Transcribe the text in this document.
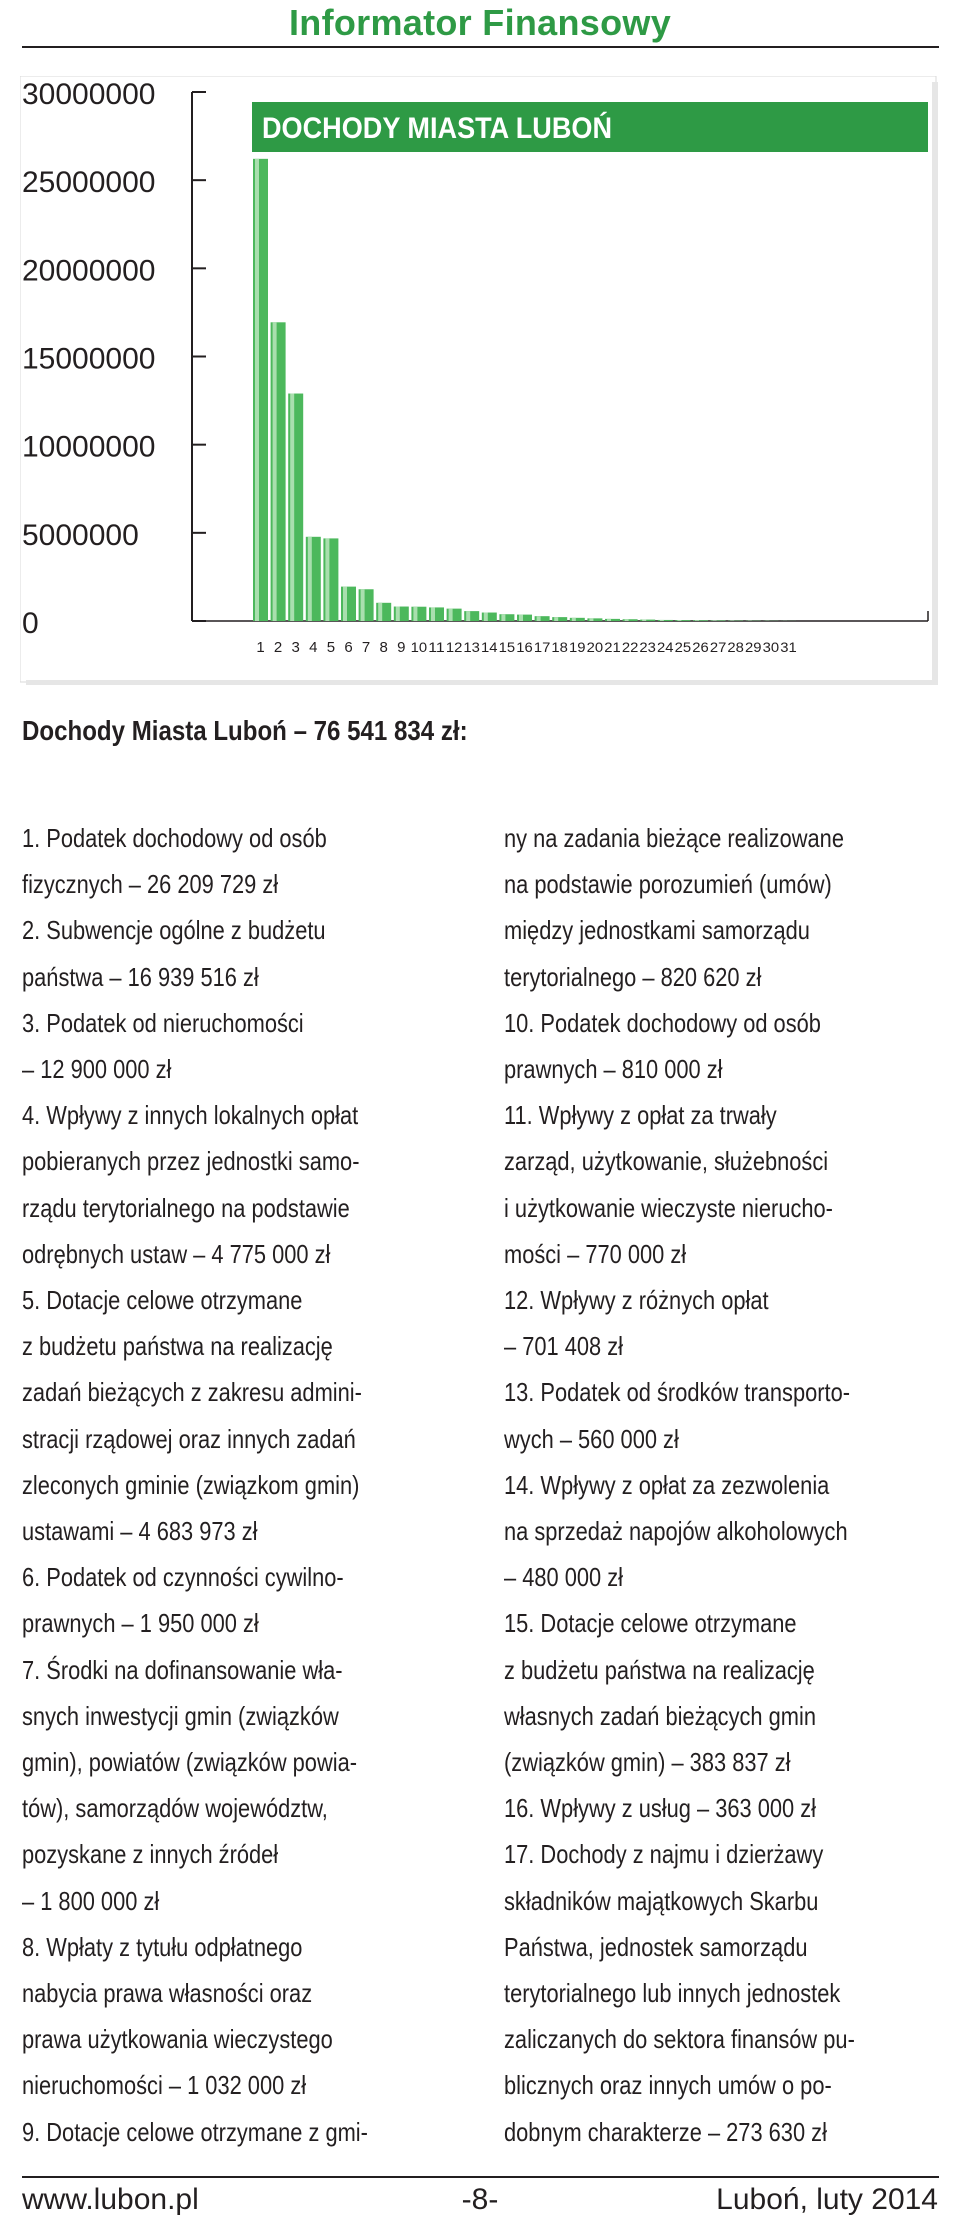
Informator Finansowy
DOCHODY MIASTA LUBOŃ
30000000
25000000
20000000
15000000
10000000
5000000
0
1 2 3 4 5 6 7 8 9 10 11 12 13 14 15 16 17 18 19 20 21 22 23 24 25 26 27 28 29 30 31
Dochody Miasta Luboń – 76 541 834 zł:
1. Podatek dochodowy od osób
fizycznych – 26 209 729 zł
2. Subwencje ogólne z budżetu
państwa – 16 939 516 zł
3. Podatek od nieruchomości
– 12 900 000 zł
4. Wpływy z innych lokalnych opłat
pobieranych przez jednostki samo-
rządu terytorialnego na podstawie
odrębnych ustaw – 4 775 000 zł
5. Dotacje celowe otrzymane
z budżetu państwa na realizację
zadań bieżących z zakresu admini-
stracji rządowej oraz innych zadań
zleconych gminie (związkom gmin)
ustawami – 4 683 973 zł
6. Podatek od czynności cywilno-
prawnych – 1 950 000 zł
7. Środki na dofinansowanie wła-
snych inwestycji gmin (związków
gmin), powiatów (związków powia-
tów), samorządów województw,
pozyskane z innych źródeł
– 1 800 000 zł
8. Wpłaty z tytułu odpłatnego
nabycia prawa własności oraz
prawa użytkowania wieczystego
nieruchomości – 1 032 000 zł
9. Dotacje celowe otrzymane z gmi-
ny na zadania bieżące realizowane
na podstawie porozumień (umów)
między jednostkami samorządu
terytorialnego – 820 620 zł
10. Podatek dochodowy od osób
prawnych – 810 000 zł
11. Wpływy z opłat za trwały
zarząd, użytkowanie, służebności
i użytkowanie wieczyste nierucho-
mości – 770 000 zł
12. Wpływy z różnych opłat
– 701 408 zł
13. Podatek od środków transporto-
wych – 560 000 zł
14. Wpływy z opłat za zezwolenia
na sprzedaż napojów alkoholowych
– 480 000 zł
15. Dotacje celowe otrzymane
z budżetu państwa na realizację
własnych zadań bieżących gmin
(związków gmin) – 383 837 zł
16. Wpływy z usług – 363 000 zł
17. Dochody z najmu i dzierżawy
składników majątkowych Skarbu
Państwa, jednostek samorządu
terytorialnego lub innych jednostek
zaliczanych do sektora finansów pu-
blicznych oraz innych umów o po-
dobnym charakterze – 273 630 zł
www.lubon.pl	-8-	Luboń, luty 2014
